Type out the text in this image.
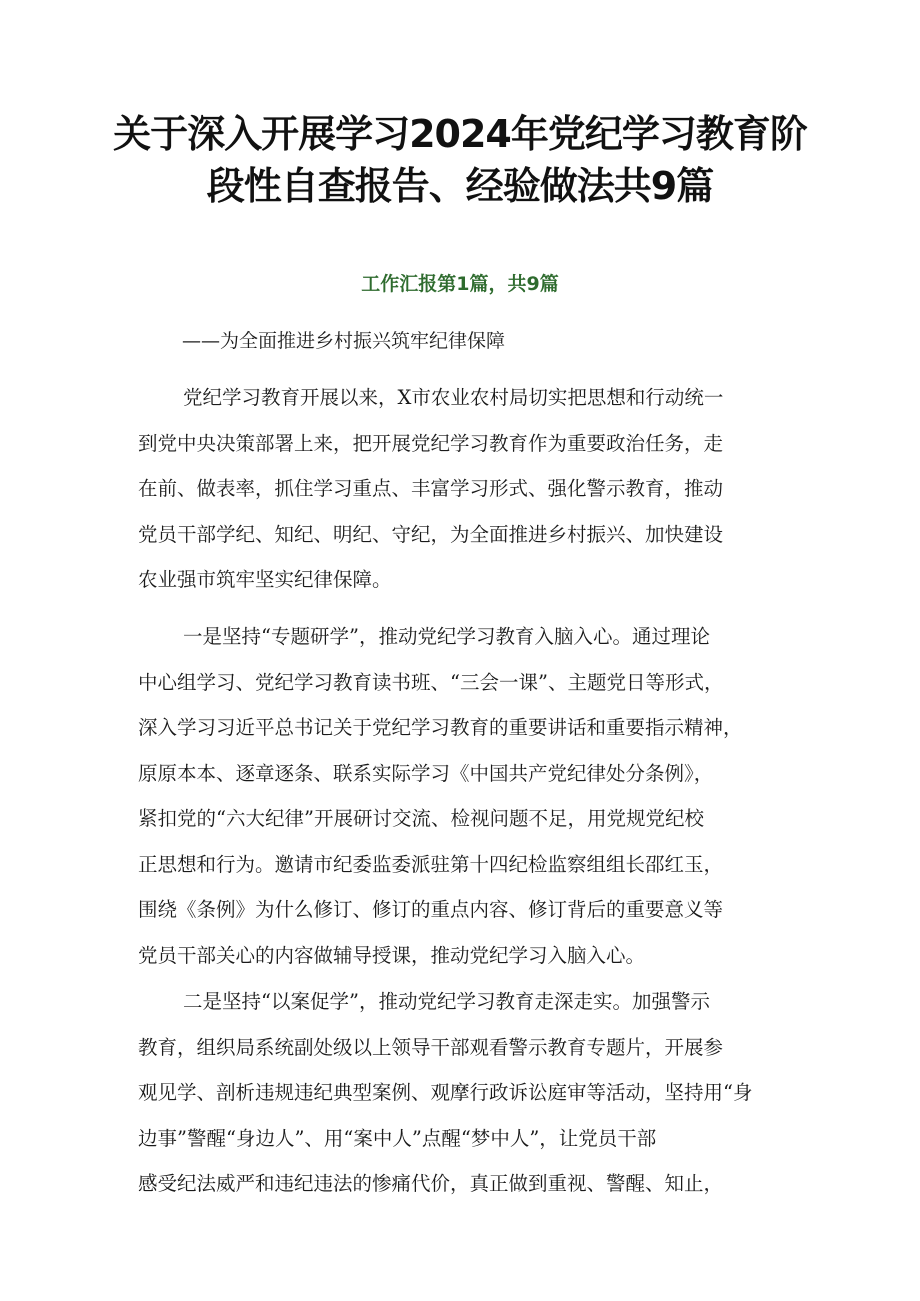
关于深入开展学习2024年党纪学习教育阶
段性自查报告、经验做法共9篇
工作汇报第1篇，共9篇
——为全面推进乡村振兴筑牢纪律保障
党纪学习教育开展以来，X市农业农村局切实把思想和行动统一
到党中央决策部署上来，把开展党纪学习教育作为重要政治任务，走
在前、做表率，抓住学习重点、丰富学习形式、强化警示教育，推动
党员干部学纪、知纪、明纪、守纪，为全面推进乡村振兴、加快建设
农业强市筑牢坚实纪律保障。
一是坚持“专题研学”，推动党纪学习教育入脑入心。通过理论
中心组学习、党纪学习教育读书班、“三会一课”、主题党日等形式，
深入学习习近平总书记关于党纪学习教育的重要讲话和重要指示精神，
原原本本、逐章逐条、联系实际学习《中国共产党纪律处分条例》，
紧扣党的“六大纪律”开展研讨交流、检视问题不足，用党规党纪校
正思想和行为。邀请市纪委监委派驻第十四纪检监察组组长邵红玉，
围绕《条例》为什么修订、修订的重点内容、修订背后的重要意义等
党员干部关心的内容做辅导授课，推动党纪学习入脑入心。
二是坚持“以案促学”，推动党纪学习教育走深走实。加强警示
教育，组织局系统副处级以上领导干部观看警示教育专题片，开展参
观见学、剖析违规违纪典型案例、观摩行政诉讼庭审等活动，坚持用“身
边事”警醒“身边人”、用“案中人”点醒“梦中人”，让党员干部
感受纪法威严和违纪违法的惨痛代价，真正做到重视、警醒、知止，
